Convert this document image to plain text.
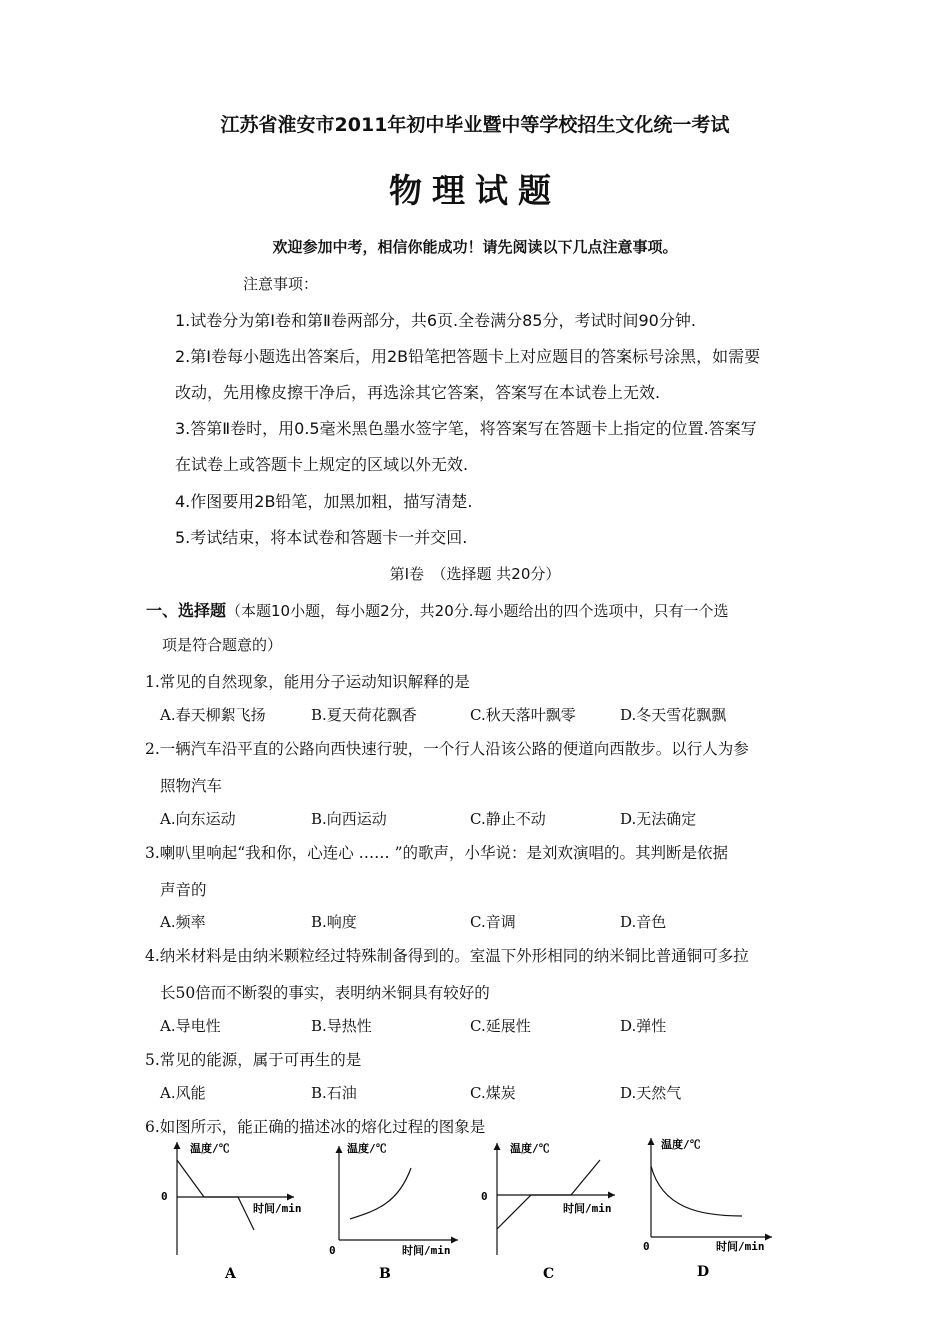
江苏省淮安市2011年初中毕业暨中等学校招生文化统一考试
物理试题
欢迎参加中考，相信你能成功！请先阅读以下几点注意事项。
注意事项：
1.试卷分为第Ⅰ卷和第Ⅱ卷两部分，共6页.全卷满分85分，考试时间90分钟.
2.第Ⅰ卷每小题选出答案后，用2B铅笔把答题卡上对应题目的答案标号涂黑，如需要
改动，先用橡皮擦干净后，再选涂其它答案，答案写在本试卷上无效.
3.答第Ⅱ卷时，用0.5毫米黑色墨水签字笔，将答案写在答题卡上指定的位置.答案写
在试卷上或答题卡上规定的区域以外无效.
4.作图要用2B铅笔，加黑加粗，描写清楚.
5.考试结束，将本试卷和答题卡一并交回.
第Ⅰ卷　（选择题 共20分）
一、选择题（本题10小题，每小题2分，共20分.每小题给出的四个选项中，只有一个选
项是符合题意的）
1.常见的自然现象，能用分子运动知识解释的是
A.春天柳絮飞扬	B.夏天荷花飘香	C.秋天落叶飘零	D.冬天雪花飘飘
2.一辆汽车沿平直的公路向西快速行驶，一个行人沿该公路的便道向西散步。以行人为参
照物汽车
A.向东运动	B.向西运动	C.静止不动	D.无法确定
3.喇叭里响起“我和你，心连心 …… ”的歌声，小华说：是刘欢演唱的。其判断是依据
声音的
A.频率	B.响度	C.音调	D.音色
4.纳米材料是由纳米颗粒经过特殊制备得到的。室温下外形相同的纳米铜比普通铜可多拉
长50倍而不断裂的事实，表明纳米铜具有较好的
A.导电性	B.导热性	C.延展性	D.弹性
5.常见的能源，属于可再生的是
A.风能	B.石油	C.煤炭	D.天然气
6.如图所示，能正确的描述冰的熔化过程的图象是
温度/℃
0
时间/min
A
温度/℃
0	时间/min
B
温度/℃
0
时间/min
C
温度/℃
0	时间/min
D
